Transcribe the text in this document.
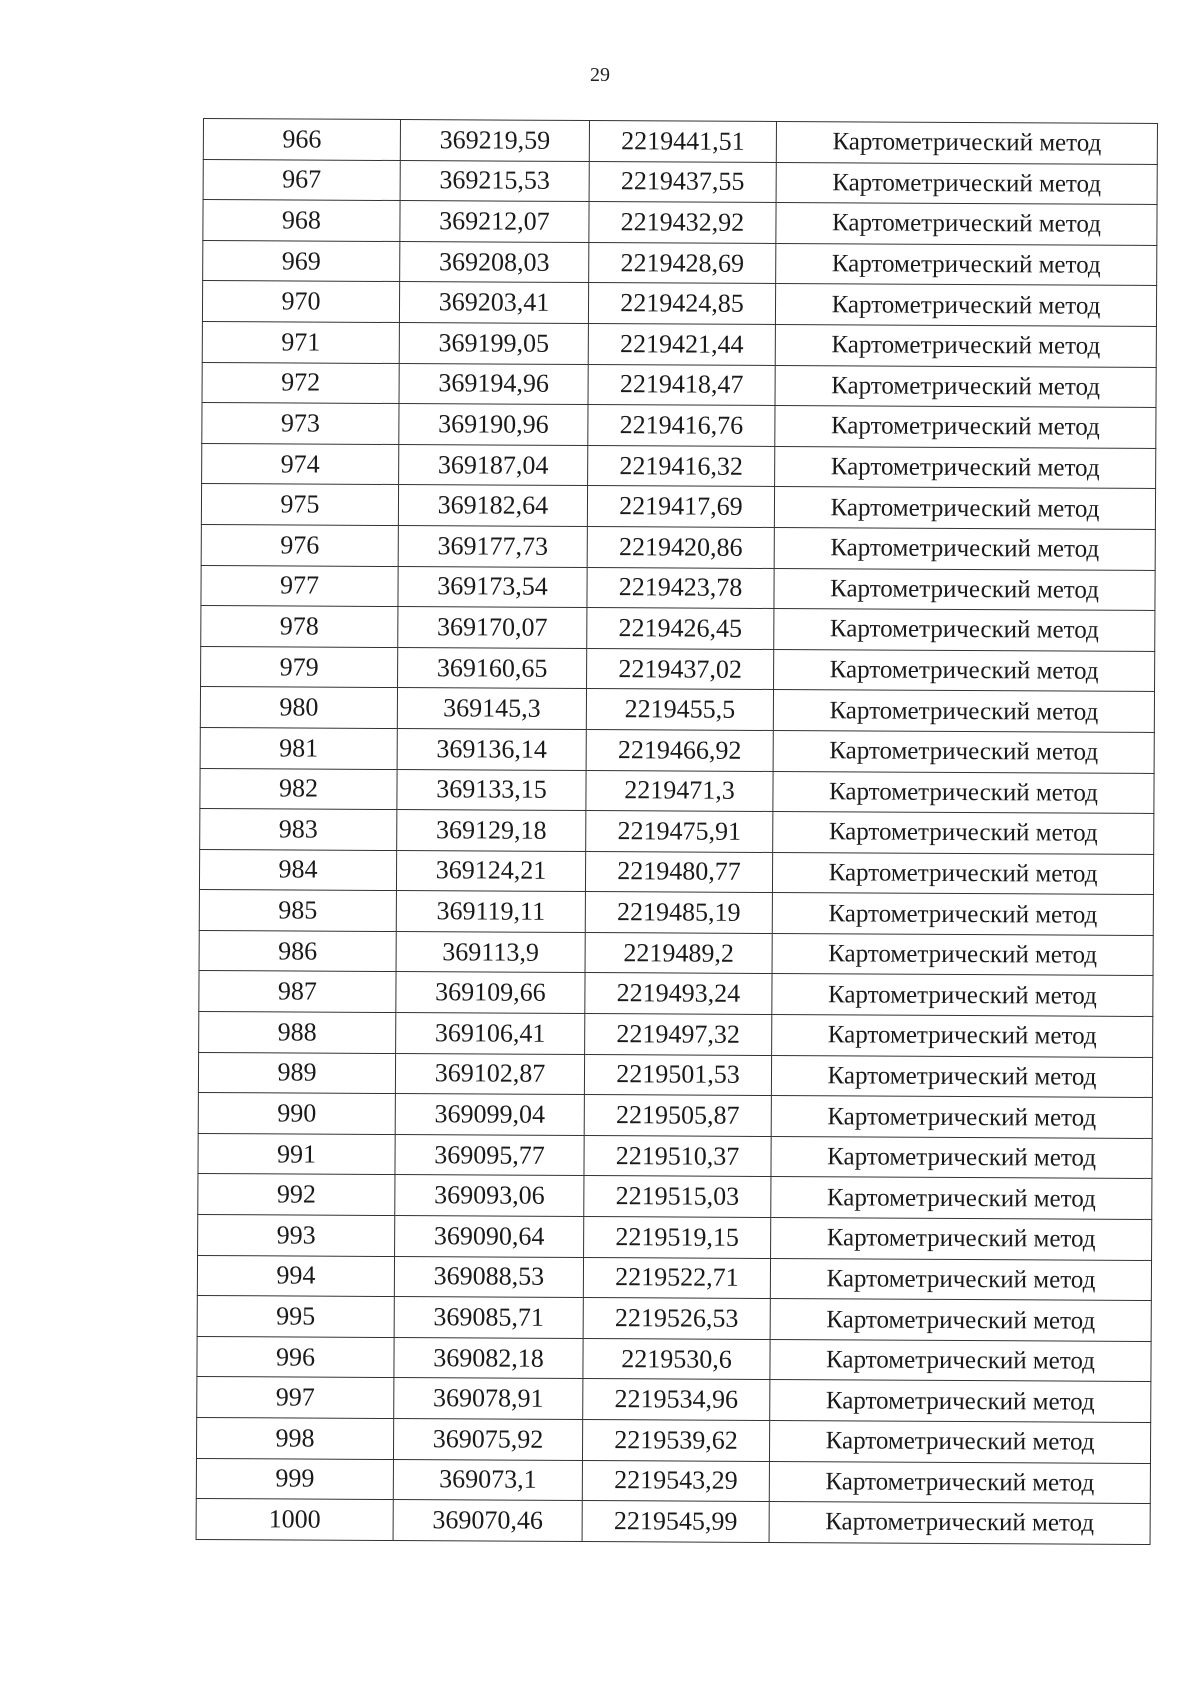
29
966	369219,59	2219441,51	Картометрический метод
967	369215,53	2219437,55	Картометрический метод
968	369212,07	2219432,92	Картометрический метод
969	369208,03	2219428,69	Картометрический метод
970	369203,41	2219424,85	Картометрический метод
971	369199,05	2219421,44	Картометрический метод
972	369194,96	2219418,47	Картометрический метод
973	369190,96	2219416,76	Картометрический метод
974	369187,04	2219416,32	Картометрический метод
975	369182,64	2219417,69	Картометрический метод
976	369177,73	2219420,86	Картометрический метод
977	369173,54	2219423,78	Картометрический метод
978	369170,07	2219426,45	Картометрический метод
979	369160,65	2219437,02	Картометрический метод
980	369145,3	2219455,5	Картометрический метод
981	369136,14	2219466,92	Картометрический метод
982	369133,15	2219471,3	Картометрический метод
983	369129,18	2219475,91	Картометрический метод
984	369124,21	2219480,77	Картометрический метод
985	369119,11	2219485,19	Картометрический метод
986	369113,9	2219489,2	Картометрический метод
987	369109,66	2219493,24	Картометрический метод
988	369106,41	2219497,32	Картометрический метод
989	369102,87	2219501,53	Картометрический метод
990	369099,04	2219505,87	Картометрический метод
991	369095,77	2219510,37	Картометрический метод
992	369093,06	2219515,03	Картометрический метод
993	369090,64	2219519,15	Картометрический метод
994	369088,53	2219522,71	Картометрический метод
995	369085,71	2219526,53	Картометрический метод
996	369082,18	2219530,6	Картометрический метод
997	369078,91	2219534,96	Картометрический метод
998	369075,92	2219539,62	Картометрический метод
999	369073,1	2219543,29	Картометрический метод
1000	369070,46	2219545,99	Картометрический метод
